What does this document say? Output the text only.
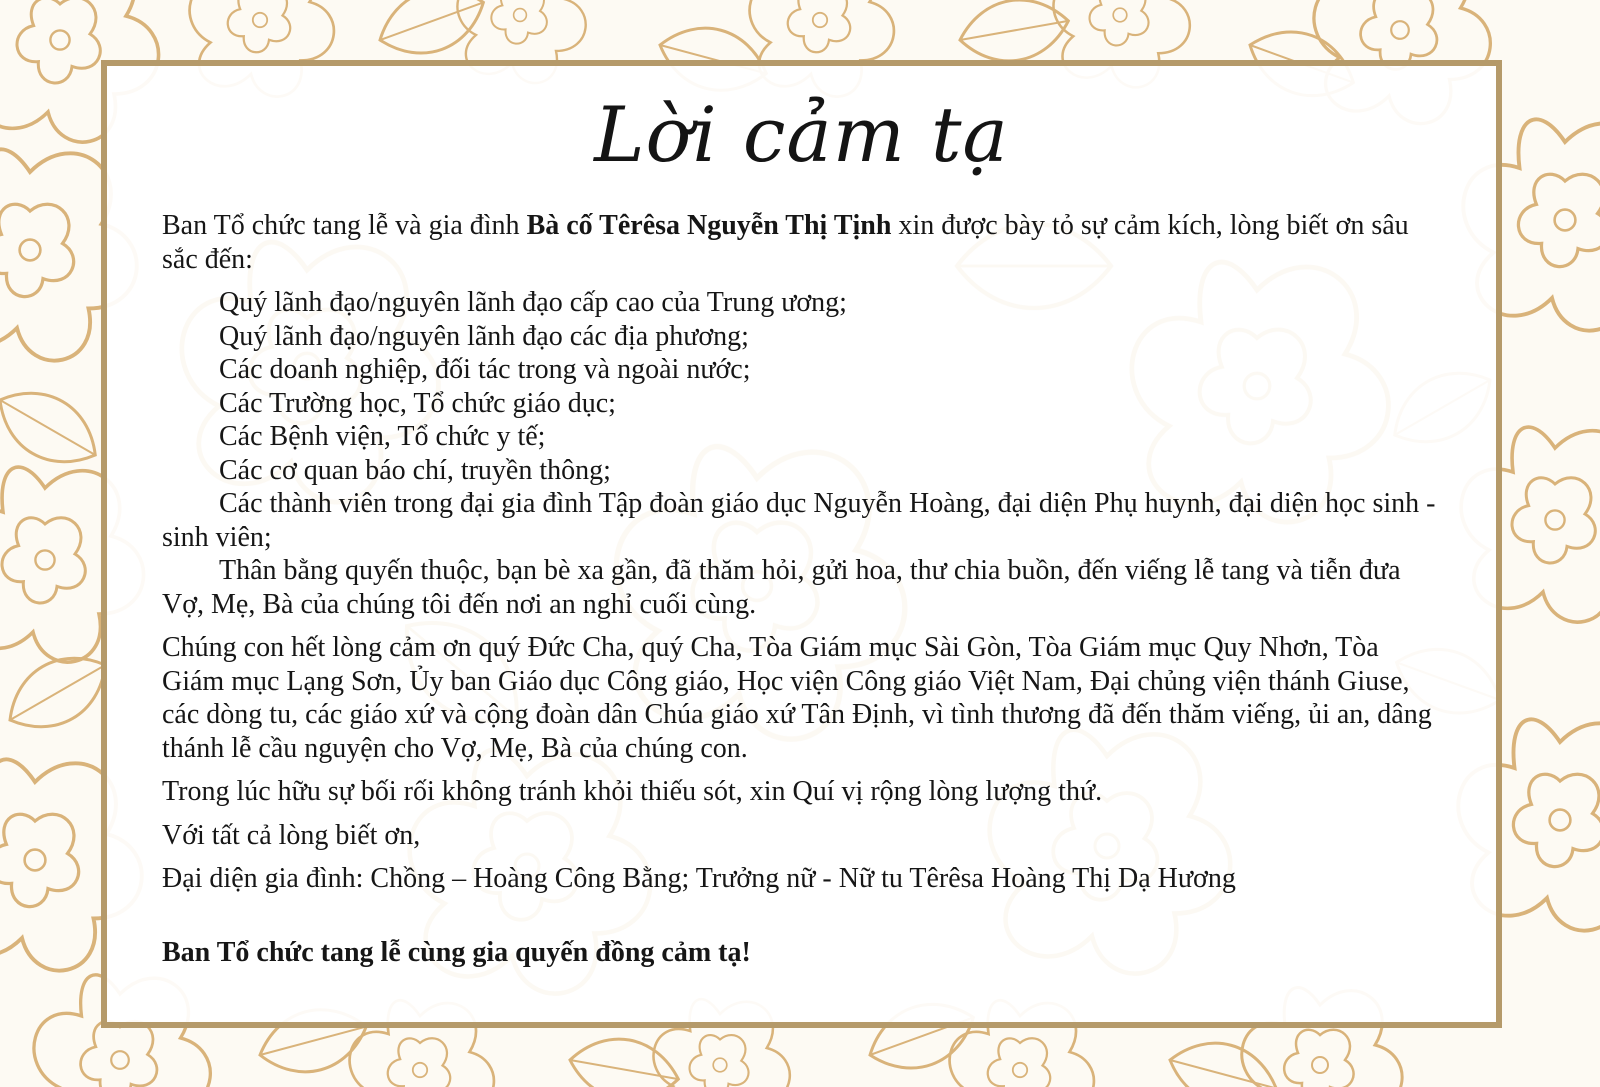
Lời cảm tạ

Ban Tổ chức tang lễ và gia đình Bà cố Têrêsa Nguyễn Thị Tịnh xin được bày tỏ sự cảm kích, lòng biết ơn sâu sắc đến:

Quý lãnh đạo/nguyên lãnh đạo cấp cao của Trung ương;

Quý lãnh đạo/nguyên lãnh đạo các địa phương;

Các doanh nghiệp, đối tác trong và ngoài nước;

Các Trường học, Tổ chức giáo dục;

Các Bệnh viện, Tổ chức y tế;

Các cơ quan báo chí, truyền thông;

Các thành viên trong đại gia đình Tập đoàn giáo dục Nguyễn Hoàng, đại diện Phụ huynh, đại diện học sinh - sinh viên;

Thân bằng quyến thuộc, bạn bè xa gần, đã thăm hỏi, gửi hoa, thư chia buồn, đến viếng lễ tang và tiễn đưa Vợ, Mẹ, Bà của chúng tôi đến nơi an nghỉ cuối cùng.

Chúng con hết lòng cảm ơn quý Đức Cha, quý Cha, Tòa Giám mục Sài Gòn, Tòa Giám mục Quy Nhơn, Tòa Giám mục Lạng Sơn, Ủy ban Giáo dục Công giáo, Học viện Công giáo Việt Nam, Đại chủng viện thánh Giuse, các dòng tu, các giáo xứ và cộng đoàn dân Chúa giáo xứ Tân Định, vì tình thương đã đến thăm viếng, ủi an, dâng thánh lễ cầu nguyện cho Vợ, Mẹ, Bà của chúng con.

Trong lúc hữu sự bối rối không tránh khỏi thiếu sót, xin Quí vị rộng lòng lượng thứ.

Với tất cả lòng biết ơn,

Đại diện gia đình: Chồng – Hoàng Công Bằng; Trưởng nữ - Nữ tu Têrêsa Hoàng Thị Dạ Hương

Ban Tổ chức tang lễ cùng gia quyến đồng cảm tạ!
